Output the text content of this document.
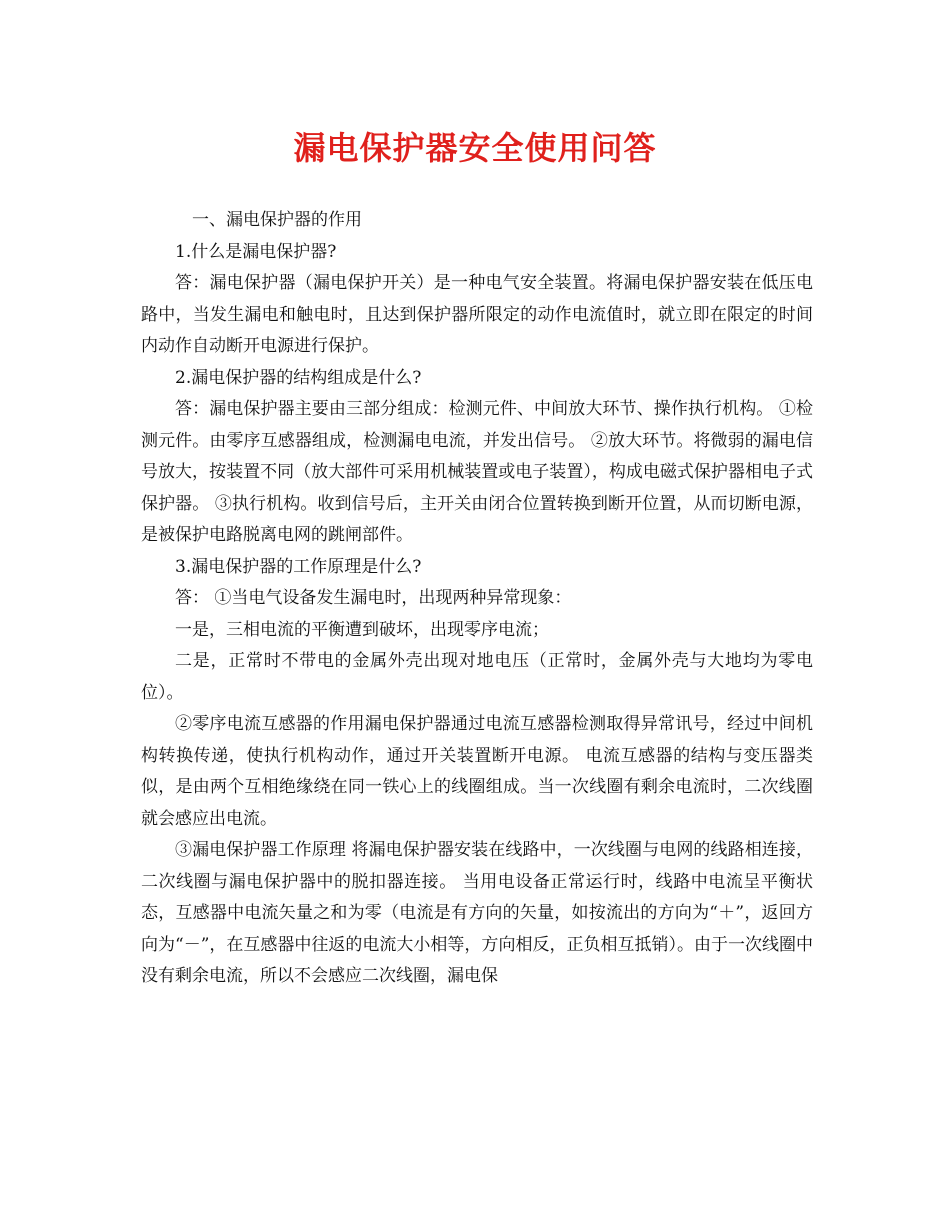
漏电保护器安全使用问答

一、漏电保护器的作用

1.什么是漏电保护器?

答：漏电保护器（漏电保护开关）是一种电气安全装置。将漏电保护器安装在低压电路中，当发生漏电和触电时，且达到保护器所限定的动作电流值时，就立即在限定的时间内动作自动断开电源进行保护。

2.漏电保护器的结构组成是什么?

答：漏电保护器主要由三部分组成：检测元件、中间放大环节、操作执行机构。 ①检测元件。由零序互感器组成，检测漏电电流，并发出信号。 ②放大环节。将微弱的漏电信号放大，按装置不同（放大部件可采用机械装置或电子装置），构成电磁式保护器相电子式保护器。 ③执行机构。收到信号后，主开关由闭合位置转换到断开位置，从而切断电源，是被保护电路脱离电网的跳闸部件。

3.漏电保护器的工作原理是什么?

答： ①当电气设备发生漏电时，出现两种异常现象：

一是，三相电流的平衡遭到破坏，出现零序电流；

二是，正常时不带电的金属外壳出现对地电压（正常时，金属外壳与大地均为零电位）。

②零序电流互感器的作用漏电保护器通过电流互感器检测取得异常讯号，经过中间机构转换传递，使执行机构动作，通过开关装置断开电源。 电流互感器的结构与变压器类似，是由两个互相绝缘绕在同一铁心上的线圈组成。当一次线圈有剩余电流时，二次线圈就会感应出电流。

③漏电保护器工作原理 将漏电保护器安装在线路中，一次线圈与电网的线路相连接，二次线圈与漏电保护器中的脱扣器连接。 当用电设备正常运行时，线路中电流呈平衡状态，互感器中电流矢量之和为零（电流是有方向的矢量，如按流出的方向为“＋”，返回方向为“－”，在互感器中往返的电流大小相等，方向相反，正负相互抵销）。由于一次线圈中没有剩余电流，所以不会感应二次线圈，漏电保
